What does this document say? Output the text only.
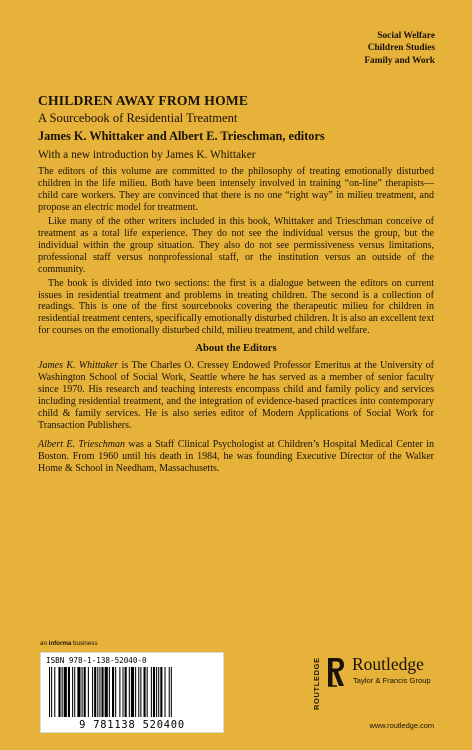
Social Welfare
Children Studies
Family and Work
CHILDREN AWAY FROM HOME
A Sourcebook of Residential Treatment
James K. Whittaker and Albert E. Trieschman, editors
With a new introduction by James K. Whittaker

The editors of this volume are committed to the philosophy of treating emotionally disturbed children in the life milieu. Both have been intensely involved in training “on-line” therapists—child care workers. They are convinced that there is no one “right way” in milieu treatment, and propose an electric model for treatment.

Like many of the other writers included in this book, Whittaker and Trieschman conceive of treatment as a total life experience. They do not see the individual versus the group, but the individual within the group situation. They also do not see permissiveness versus limitations, professional staff versus nonprofessional staff, or the institution versus an outside of the community.

The book is divided into two sections: the first is a dialogue between the editors on current issues in residential treatment and problems in treating children. The second is a collection of readings. This is one of the first sourcebooks covering the therapeutic milieu for children in residential treatment centers, specifically emotionally disturbed children. It is also an excellent text for courses on the emotionally disturbed child, milieu treatment, and child welfare.

About the Editors

James K. Whittaker is The Charles O. Cressey Endowed Professor Emeritus at the University of Washington School of Social Work, Seattle where he has served as a member of senior faculty since 1970. His research and teaching interests encompass child and family policy and services including residential treatment, and the integration of evidence-based practices into contemporary child & family services. He is also series editor of Modern Applications of Social Work for Transaction Publishers.

Albert E. Trieschman was a Staff Clinical Psychologist at Children’s Hospital Medical Center in Boston. From 1960 until his death in 1984, he was founding Executive Director of the Walker Home & School in Needham, Massachusetts.

an informa business
ISBN 978-1-138-52040-0
9 781138 520400
ROUTLEDGE Routledge
Taylor & Francis Group
www.routledge.com
